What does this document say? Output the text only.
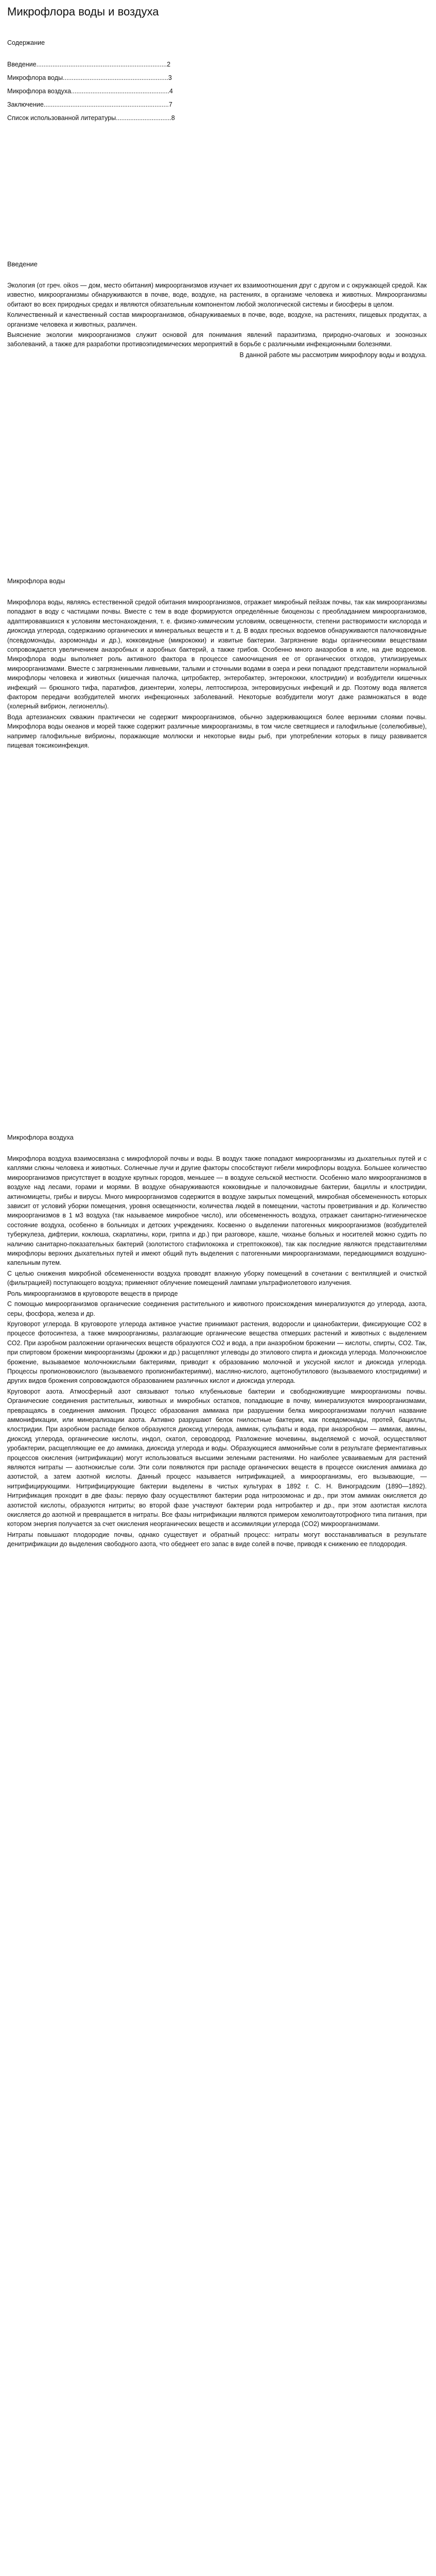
Микрофлора воды и воздуха
Содержание
Введение.........................................................................2
Микрофлора воды...........................................................3
Микрофлора воздуха.......................................................4
Заключение......................................................................7
Список использованной литературы...............................8
Введение

Экология (от греч. oikos — дом, место обитания) микроорганизмов изучает их взаимоотношения друг с другом и с окружающей средой. Как известно, микроорганизмы обнаруживаются в почве, воде, воздухе, на растениях, в организме человека и животных. Микроорганизмы обитают во всех природных средах и являются обязательным компонентом любой экологической системы и биосферы в целом.

Количественный и качественный состав микроорганизмов, обнаруживаемых в почве, воде, воздухе, на растениях, пищевых продуктах, а организме человека и животных, различен.

Выяснение экологии микроорганизмов служит основой для понимания явлений паразитизма, природно-очаговых и зоонозных заболеваний, а также для разработки противоэпидемических мероприятий в борьбе с различными инфекционными болезнями.

В данной работе мы рассмотрим микрофлору воды и воздуха.

Микрофлора воды

Микрофлора воды, являясь естественной средой обитания микроорганизмов, отражает микробный пейзаж почвы, так как микроорганизмы попадают в воду с частицами почвы. Вместе с тем в воде формируются определённые биоценозы с преобладанием микроорганизмов, адаптировавшихся к условиям местонахождения, т. е. физико-химическим условиям, освещенности, степени растворимости кислорода и диоксида углерода, содержанию органических и минеральных веществ и т. д. В водах пресных водоемов обнаруживаются палочковидные (псевдомонады, аэромонады и др.), кокковидные (микрококки) и извитые бактерии. Загрязнение воды органическими веществами сопровождается увеличением анаэробных и аэробных бактерий, а также грибов. Особенно много анаэробов в иле, на дне водоемов. Микрофлора воды выполняет роль активного фактора в процессе самоочищения ее от органических отходов, утилизируемых микроорганизмами. Вместе с загрязненными ливневыми, талыми и сточными водами в озера и реки попадают представители нормальной микрофлоры человека и животных (кишечная палочка, цитробактер, энтеробактер, энтерококки, клостридии) и возбудители кишечных инфекций — брюшного тифа, паратифов, дизентерии, холеры, лептоспироза, энтеровирусных инфекций и др. Поэтому вода является фактором передачи возбудителей многих инфекционных заболеваний. Некоторые возбудители могут даже размножаться в воде (холерный вибрион, легионеллы).

Вода артезианских скважин практически не содержит микроорганизмов, обычно задерживающихся более верхними слоями почвы. Микрофлора воды океанов и морей также содержит различные микроорганизмы, в том числе светящиеся и галофильные (солелюбивые), например галофильные вибрионы, поражающие моллюски и некоторые виды рыб, при употреблении которых в пищу развивается пищевая токсикоинфекция.

Микрофлора воздуха

Микрофлора воздуха взаимосвязана с микрофлорой почвы и воды. В воздух также попадают микроорганизмы из дыхательных путей и с каплями слюны человека и животных. Солнечные лучи и другие факторы способствуют гибели микрофлоры воздуха. Большее количество микроорганизмов присутствует в воздухе крупных городов, меньшее — в воздухе сельской местности. Особенно мало микроорганизмов в воздухе над лесами, горами и морями. В воздухе обнаруживаются кокковидные и палочковидные бактерии, бациллы и клостридии, актиномицеты, грибы и вирусы. Много микроорганизмов содержится в воздухе закрытых помещений, микробная обсемененность которых зависит от условий уборки помещения, уровня освещенности, количества людей в помещении, частоты проветривания и др. Количество микроорганизмов в 1 м3 воздуха (так называемое микробное число), или обсемененность воздуха, отражает санитарно-гигиеническое состояние воздуха, особенно в больницах и детских учреждениях. Косвенно о выделении патогенных микроорганизмов (возбудителей туберкулеза, дифтерии, коклюша, скарлатины, кори, гриппа и др.) при разговоре, кашле, чиханье больных и носителей можно судить по наличию санитарно-показательных бактерий (золотистого стафилококка и стрептококков), так как последние являются представителями микрофлоры верхних дыхательных путей и имеют общий путь выделения с патогенными микроорганизмами, передающимися воздушно-капельным путем.

С целью снижения микробной обсемененности воздуха проводят влажную уборку помещений в сочетании с вентиляцией и очисткой (фильтрацией) поступающего воздуха; применяют облучение помещений лампами ультрафиолетового излучения.

Роль микроорганизмов в круговороте веществ в природе

С помощью микроорганизмов органические соединения растительного и животного происхождения минерализуются до углерода, азота, серы, фосфора, железа и др.

Круговорот углерода. В круговороте углерода активное участие принимают растения, водоросли и цианобактерии, фиксирующие СО2 в процессе фотосинтеза, а также микроорганизмы, разлагающие органические вещества отмерших растений и животных с выделением СО2. При аэробном разложении органических веществ образуются СО2 и вода, а при анаэробном брожении — кислоты, спирты, СО2. Так, при спиртовом брожении микроорганизмы (дрожжи и др.) расщепляют углеводы до этилового спирта и диоксида углерода. Молочнокислое брожение, вызываемое молочнокислыми бактериями, приводит к образованию молочной и уксусной кислот и диоксида углерода. Процессы пропионовокислого (вызываемого пропионибактериями), масляно-кислого, ацетонобутилового (вызываемого клостридиями) и других видов брожения сопровождаются образованием различных кислот и диоксида углерода.

Круговорот азота. Атмосферный азот связывают только клубеньковые бактерии и свободноживущие микроорганизмы почвы. Органические соединения растительных, животных и микробных остатков, попадающие в почву, минерализуются микроорганизмами, превращаясь в соединения аммония. Процесс образования аммиака при разрушении белка микроорганизмами получил название аммонификации, или минерализации азота. Активно разрушают белок гнилостные бактерии, как псевдомонады, протей, бациллы, клостридии. При аэробном распаде белков образуются диоксид углерода, аммиак, сульфаты и вода, при анаэробном — аммиак, амины, диоксид углерода, органические кислоты, индол, скатол, сероводород. Разложение мочевины, выделяемой с мочой, осуществляют уробактерии, расщепляющие ее до аммиака, диоксида углерода и воды. Образующиеся аммонийные соли в результате ферментативных процессов окисления (нитрификации) могут использоваться высшими зелеными растениями. Но наиболее усваиваемым для растений являются нитраты — азотнокислые соли. Эти соли появляются при распаде органических веществ в процессе окисления аммиака до азотистой, а затем азотной кислоты. Данный процесс называется нитрификацией, а микроорганизмы, его вызывающие, — нитрифицирующими. Нитрифицирующие бактерии выделены в чистых культурах в 1892 г. С. Н. Виноградским (1890—1892). Нитрификация проходит в две фазы: первую фазу осуществляют бактерии рода нитрозомонас и др., при этом аммиак окисляется до азотистой кислоты, образуются нитриты; во второй фазе участвуют бактерии рода нитробактер и др., при этом азотистая кислота окисляется до азотной и превращается в нитраты. Все фазы нитрификации являются примером хемолитоаутотрофного типа питания, при котором энергия получается за счет окисления неорганических веществ и ассимиляции углерода (CO2) микроорганизмами.

Нитраты повышают плодородие почвы, однако существует и обратный процесс: нитраты могут восстанавливаться в результате денитрификации до выделения свободного азота, что обеднеет его запас в виде солей в почве, приводя к снижению ее плодородия.
